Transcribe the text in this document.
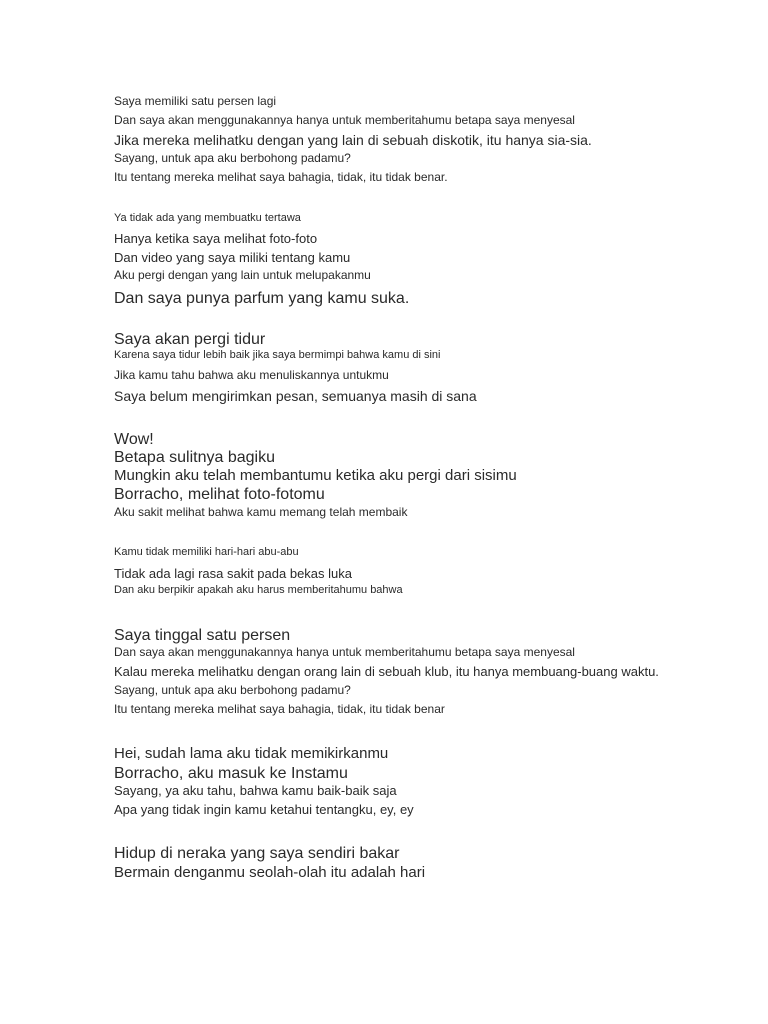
Saya memiliki satu persen lagi
Dan saya akan menggunakannya hanya untuk memberitahumu betapa saya menyesal
Jika mereka melihatku dengan yang lain di sebuah diskotik, itu hanya sia-sia.
Sayang, untuk apa aku berbohong padamu?
Itu tentang mereka melihat saya bahagia, tidak, itu tidak benar.
Ya tidak ada yang membuatku tertawa
Hanya ketika saya melihat foto-foto
Dan video yang saya miliki tentang kamu
Aku pergi dengan yang lain untuk melupakanmu
Dan saya punya parfum yang kamu suka.
Saya akan pergi tidur
Karena saya tidur lebih baik jika saya bermimpi bahwa kamu di sini
Jika kamu tahu bahwa aku menuliskannya untukmu
Saya belum mengirimkan pesan, semuanya masih di sana
Wow!
Betapa sulitnya bagiku
Mungkin aku telah membantumu ketika aku pergi dari sisimu
Borracho, melihat foto-fotomu
Aku sakit melihat bahwa kamu memang telah membaik
Kamu tidak memiliki hari-hari abu-abu
Tidak ada lagi rasa sakit pada bekas luka
Dan aku berpikir apakah aku harus memberitahumu bahwa
Saya tinggal satu persen
Dan saya akan menggunakannya hanya untuk memberitahumu betapa saya menyesal
Kalau mereka melihatku dengan orang lain di sebuah klub, itu hanya membuang-buang waktu.
Sayang, untuk apa aku berbohong padamu?
Itu tentang mereka melihat saya bahagia, tidak, itu tidak benar
Hei, sudah lama aku tidak memikirkanmu
Borracho, aku masuk ke Instamu
Sayang, ya aku tahu, bahwa kamu baik-baik saja
Apa yang tidak ingin kamu ketahui tentangku, ey, ey
Hidup di neraka yang saya sendiri bakar
Bermain denganmu seolah-olah itu adalah hari
